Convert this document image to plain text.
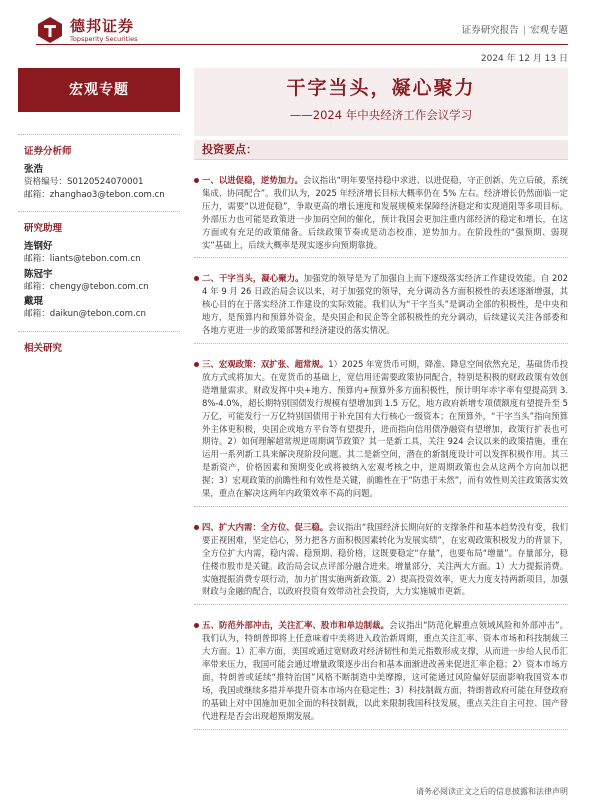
德邦证券
Topsperity Securities
证券研究报告 | 宏观专题
2024 年 12 月 13 日
宏观专题
证券分析师
张浩
资格编号：S0120524070001
邮箱：zhanghao3@tebon.com.cn
研究助理
连钢好
邮箱：liants@tebon.com.cn
陈冠宇
邮箱：chengy@tebon.com.cn
戴琨
邮箱：daikun@tebon.com.cn
相关研究
干字当头，凝心聚力
——2024 年中央经济工作会议学习
投资要点：

一、以进促稳，逆势加力。会议指出“明年要坚持稳中求进、以进促稳，守正创新、先立后破，系统集成、协同配合”。我们认为，2025 年经济增长目标大概率仍在 5% 左右。经济增长仍然面临一定压力，需要“以进促稳”，争取更高的增长速度和发展规模来保障经济稳定和实现道阻等多项目标。外部压力也可能是政策进一步加码空间的催化，预计我国会更加注重内部经济的稳定和增长，在这方面或有充足的政策储备。后续政策节奏或是动态校准、逆势加力。在阶段性的“强预期、弱现实”基础上，后续大概率是现实逐步向预期靠拢。

二、干字当头，凝心聚力。加强党的领导是为了加强自上而下逐级落实经济工作建设效能。自 2024 年 9 月 26 日政治局会议以来，对于加强党的领导，充分调动各方面积极性的表述逐渐增强，其核心目的在于落实经济工作建设的实际效能。我们认为“干字当头”是调动全部的积极性，是中央和地方，是预算内和预算外资金，是央国企和民企等全部积极性的充分调动，后续建议关注各部委和各地方更进一步的政策部署和经济建设的落实情况。

三、宏观政策：双扩张、超常规。1）2025 年宽货币可期，降准、降息空间依然充足，基础货币投放方式或将加大。在宽货币的基础上，宽信用还需要政策协同配合，特别是积极的财政政策有效创造增量需求。财政发挥中央+地方、预算内+预算外多方面积极性，预计明年赤字率有望提高到 3.8%-4.0%，超长期特别国债发行规模有望增加到 1.5 万亿，地方政府新增专项债额度有望提升至 5 万亿，可能发行一万亿特别国债用于补充国有大行核心一级资本；在预算外，“干字当头”指向预算外主体更积极，央国企或地方平台等有望提升，进而指向信用债净融资有望增加，政策行扩表也可期待。2）如何理解超常规逆周期调节政策？其一是新工具，关注 924 会议以来的政策措施，重在运用一系列新工具来解决现阶段问题。其二是新空间，潜在的新制度设计可以发挥积极作用。其三是新资产，价格因素和预期变化或将被纳入宏观考核之中，逆周期政策也会从这两个方向加以把握；3）宏观政策的前瞻性和有效性是关键，前瞻性在于“防患于未然”，而有效性则关注政策落实效果，重点在解决这两年内政策效率不高的问题。

四、扩大内需：全方位、促三稳。会议指出“我国经济长期向好的支撑条件和基本趋势没有变，我们要正视困难，坚定信心，努力把各方面积极因素转化为发展实绩”，在宏观政策积极发力的背景下，全方位扩大内需，稳内需、稳预期、稳价格，这既要稳定“存量”，也要布局“增量”。存量部分，稳住楼市股市是关键。政治局会议点评部分融合进来。增量部分，关注两大方面。1）大力提振消费。实施提振消费专项行动，加力扩围实施两新政策。2）提高投资效率，更大力度支持两新项目，加强财政与金融的配合，以政府投资有效带动社会投资，大力实施城市更新。

五、防范外部冲击，关注汇率、股市和单边制裁。会议指出“防范化解重点领域风险和外部冲击”。我们认为，特朗普即将上任意味着中美将进入政治新周期，重点关注汇率、资本市场和科技制裁三大方面。1）汇率方面，美国或通过宽财政对经济韧性和美元指数形成支撑，从而进一步给人民币汇率带来压力，我国可能会通过增量政策逐步出台和基本面渐进改善来促进汇率企稳；2）资本市场方面，特朗普或延续“推特治国”风格不断制造中美摩擦，这可能通过风险偏好层面影响我国资本市场，我国或继续多措并举提升资本市场内在稳定性；3）科技制裁方面，特朗普政府可能在拜登政府的基础上对中国施加更加全面的科技制裁，以此来限制我国科技发展，重点关注自主可控、国产替代进程是否会出现超预期发展。

请务必阅读正文之后的信息披露和法律声明
